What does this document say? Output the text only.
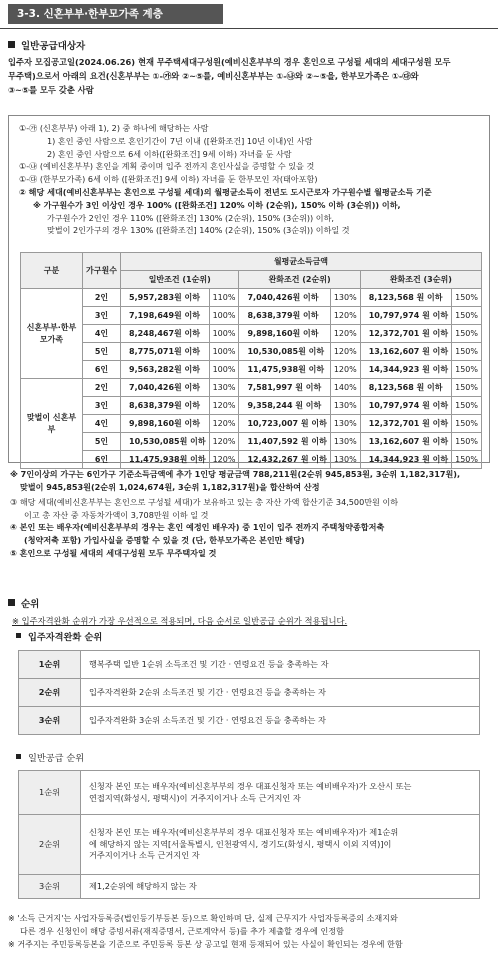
3-3. 신혼부부·한부모가족 계층
일반공급대상자

입주자 모집공고일(2024.06.26) 현재 무주택세대구성원(예비신혼부부의 경우 혼인으로 구성될 세대의 세대구성원 모두

무주택)으로서 아래의 요건(신혼부부는 ①-㉮와 ②~⑤를, 예비신혼부부는 ①-㉯와 ②~⑤을, 한부모가족은 ①-㉰와

③~⑤를 모두 갖춘 사람

①-㉮ (신혼부부) 아래 1), 2) 중 하나에 해당하는 사람

1) 혼인 중인 사람으로 혼인기간이 7년 이내 ([완화조건] 10년 이내)인 사람

2) 혼인 중인 사람으로 6세 이하([완화조건] 9세 이하) 자녀를 둔 사람

①-㉯ (예비신혼부부) 혼인을 계획 중이며 입주 전까지 혼인사실을 증명할 수 있을 것

①-㉰ (한부모가족) 6세 이하 ([완화조건] 9세 이하) 자녀를 둔 한부모인 자(태아포함)

② 해당 세대(예비신혼부부는 혼인으로 구성될 세대)의 월평균소득이 전년도 도시근로자 가구원수별 월평균소득 기준

※ 가구원수가 3인 이상인 경우 100% ([완화조건] 120% 이하 (2순위), 150% 이하 (3순위)) 이하,

가구원수가 2인인 경우 110% ([완화조건] 130% (2순위), 150% (3순위)) 이하,

맞벌이 2인가구의 경우 130% ([완화조건] 140% (2순위), 150% (3순위)) 이하일 것

구분	가구원수	월평균소득금액					
		일반조건 (1순위)		완화조건 (2순위)		완화조건 (3순위)	
신혼부부·한부모가족	2인	5,957,283원 이하	110%	7,040,426원 이하	130%	8,123,568 원 이하	150%
	3인	7,198,649원 이하	100%	8,638,379원 이하	120%	10,797,974 원 이하	150%
	4인	8,248,467원 이하	100%	9,898,160원 이하	120%	12,372,701 원 이하	150%
	5인	8,775,071원 이하	100%	10,530,085원 이하	120%	13,162,607 원 이하	150%
	6인	9,563,282원 이하	100%	11,475,938원 이하	120%	14,344,923 원 이하	150%
맞벌이 신혼부부	2인	7,040,426원 이하	130%	7,581,997 원 이하	140%	8,123,568 원 이하	150%
	3인	8,638,379원 이하	120%	9,358,244 원 이하	130%	10,797,974 원 이하	150%
	4인	9,898,160원 이하	120%	10,723,007 원 이하	130%	12,372,701 원 이하	150%
	5인	10,530,085원 이하	120%	11,407,592 원 이하	130%	13,162,607 원 이하	150%
	6인	11,475,938원 이하	120%	12,432,267 원 이하	130%	14,344,923 원 이하	150%

※ 7인이상의 가구는 6인가구 기준소득금액에 추가 1인당 평균금액 788,211원(2순위 945,853원, 3순위 1,182,317원),

맞벌이 945,853원(2순위 1,024,674원, 3순위 1,182,317원)을 합산하여 산정

③ 해당 세대(예비신혼부부는 혼인으로 구성될 세대)가 보유하고 있는 총 자산 가액 합산기준 34,500만원 이하

이고 총 자산 중 자동차가액이 3,708만원 이하 일 것

④ 본인 또는 배우자(예비신혼부부의 경우는 혼인 예정인 배우자) 중 1인이 입주 전까지 주택청약종합저축

(청약저축 포함) 가입사실을 증명할 수 있을 것 (단, 한부모가족은 본인만 해당)

⑤ 혼인으로 구성될 세대의 세대구성원 모두 무주택자일 것

순위
※ 입주자격완화 순위가 가장 우선적으로 적용되며, 다음 순서로 일반공급 순위가 적용됩니다.
입주자격완화 순위
1순위	행복주택 일반 1순위 소득조건 및 기간 · 연령요건 등을 충족하는 자
2순위	입주자격완화 2순위 소득조건 및 기간 · 연령요건 등을 충족하는 자
3순위	입주자격완화 3순위 소득조건 및 기간 · 연령요건 등을 충족하는 자
일반공급 순위
1순위	신청자 본인 또는 배우자(예비신혼부부의 경우 대표신청자 또는 예비배우자)가 오산시 또는
연접지역(화성시, 평택시)이 거주지이거나 소득 근거지인 자

2순위	신청자 본인 또는 배우자(예비신혼부부의 경우 대표신청자 또는 예비배우자)가 제1순위
에 해당하지 않는 지역[서울특별시, 인천광역시, 경기도(화성시, 평택시 이외 지역)]이
거주지이거나 소득 근거지인 자

3순위	제1,2순위에 해당하지 않는 자

※ '소득 근거지'는 사업자등록증(법인등기부등본 등)으로 확인하며 단, 실제 근무지가 사업자등록증의 소재지와

다른 경우 신청인이 해당 증빙서류(재직증명서, 근로계약서 등)를 추가 제출할 경우에 인정함

※ 거주지는 주민등록등본을 기준으로 주민등록 등본 상 공고일 현재 등재되어 있는 사실이 확인되는 경우에 한함
